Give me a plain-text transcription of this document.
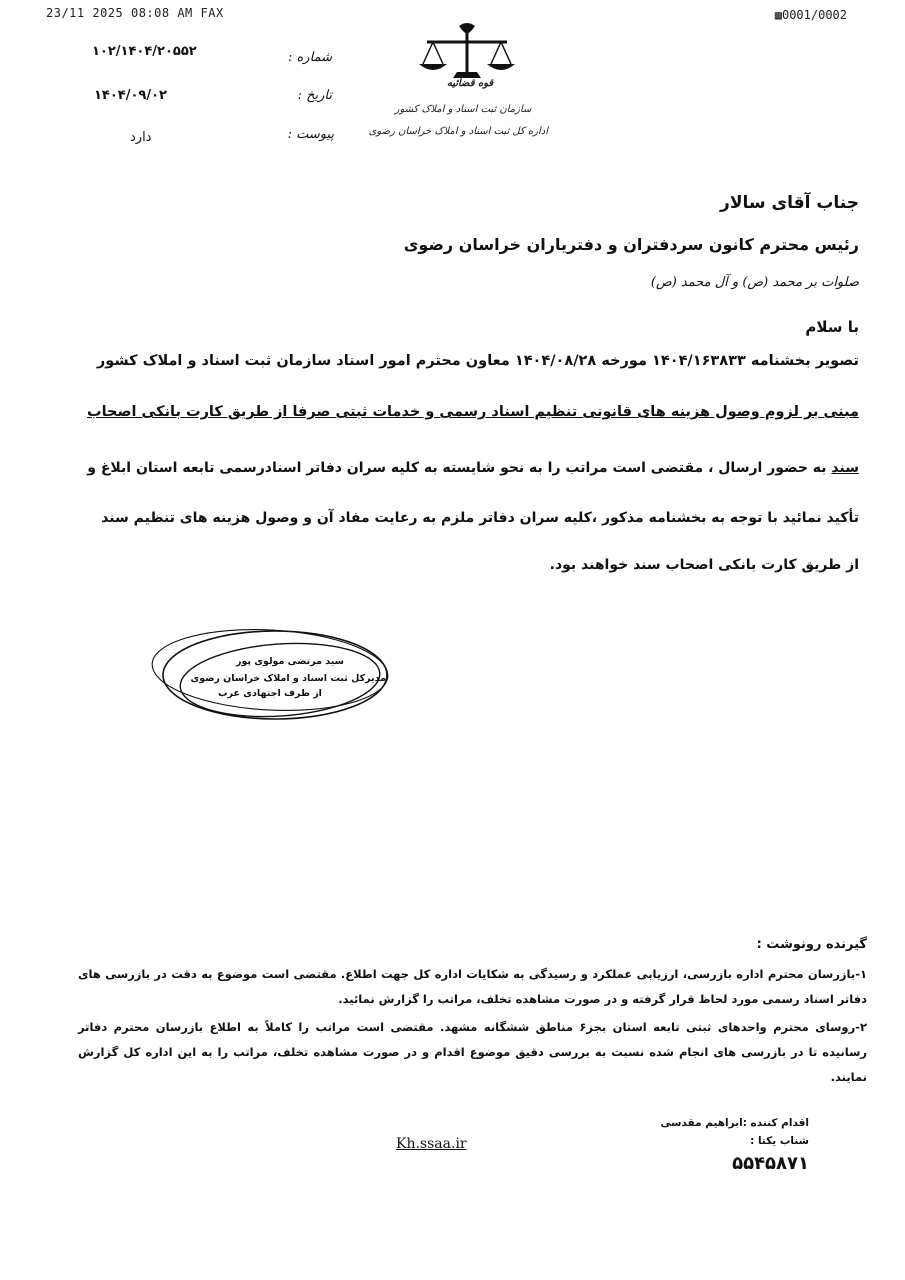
23/11 2025 08:08 AM FAX	▩0001/0002
۱۰۲/۱۴۰۴/۲۰۵۵۲	شماره :
۱۴۰۴/۰۹/۰۲	تاریخ :
دارد	پیوست :
قوه قضائیه
سازمان ثبت اسناد و املاک کشور
اداره کل ثبت اسناد و املاک خراسان رضوی
جناب آقای سالار
رئیس محترم کانون سردفتران و دفتریاران خراسان رضوی
صلوات بر محمد (ص) و آل محمد (ص)
با سلام
تصویر بخشنامه ۱۴۰۴/۱۶۳۸۳۳ مورخه ۱۴۰۴/۰۸/۲۸ معاون محترم امور اسناد سازمان ثبت اسناد و املاک کشور
مبنی بر لزوم وصول هزینه های قانونی تنظیم اسناد رسمی و خدمات ثبتی صرفا از طریق کارت بانکی اصحاب
سند به حضور ارسال ، مقتضی است مراتب را به نحو شایسته به کلیه سران دفاتر اسنادرسمی تابعه استان ابلاغ و
تأکید نمائید با توجه به بخشنامه مذکور ،کلیه سران دفاتر ملزم به رعایت مفاد آن و وصول هزینه های تنظیم سند
از طریق کارت بانکی اصحاب سند خواهند بود.
سید مرتضی مولوی پور
مدیرکل ثبت اسناد و املاک خراسان رضوی
از طرف اجتهادی عرب
گیرنده رونوشت :
۱-بازرسان محترم اداره بازرسی، ارزیابی عملکرد و رسیدگی به شکایات اداره کل جهت اطلاع. مقتضی است موضوع به دقت در بازرسی های دفاتر اسناد رسمی مورد لحاظ قرار گرفته و در صورت مشاهده تخلف، مراتب را گزارش نمائید.
۲-روسای محترم واحدهای ثبتی تابعه استان بجز۶ مناطق ششگانه مشهد. مقتضی است مراتب را کاملاً به اطلاع بازرسان محترم دفاتر رسانیده تا در بازرسی های انجام شده نسبت به بررسی دقیق موضوع اقدام و در صورت مشاهده تخلف، مراتب را به این اداره کل گزارش نمایند.
اقدام کننده :ابراهیم مقدسی
شناب یکتا :
۵۵۴۵۸۷۱
Kh.ssaa.ir
